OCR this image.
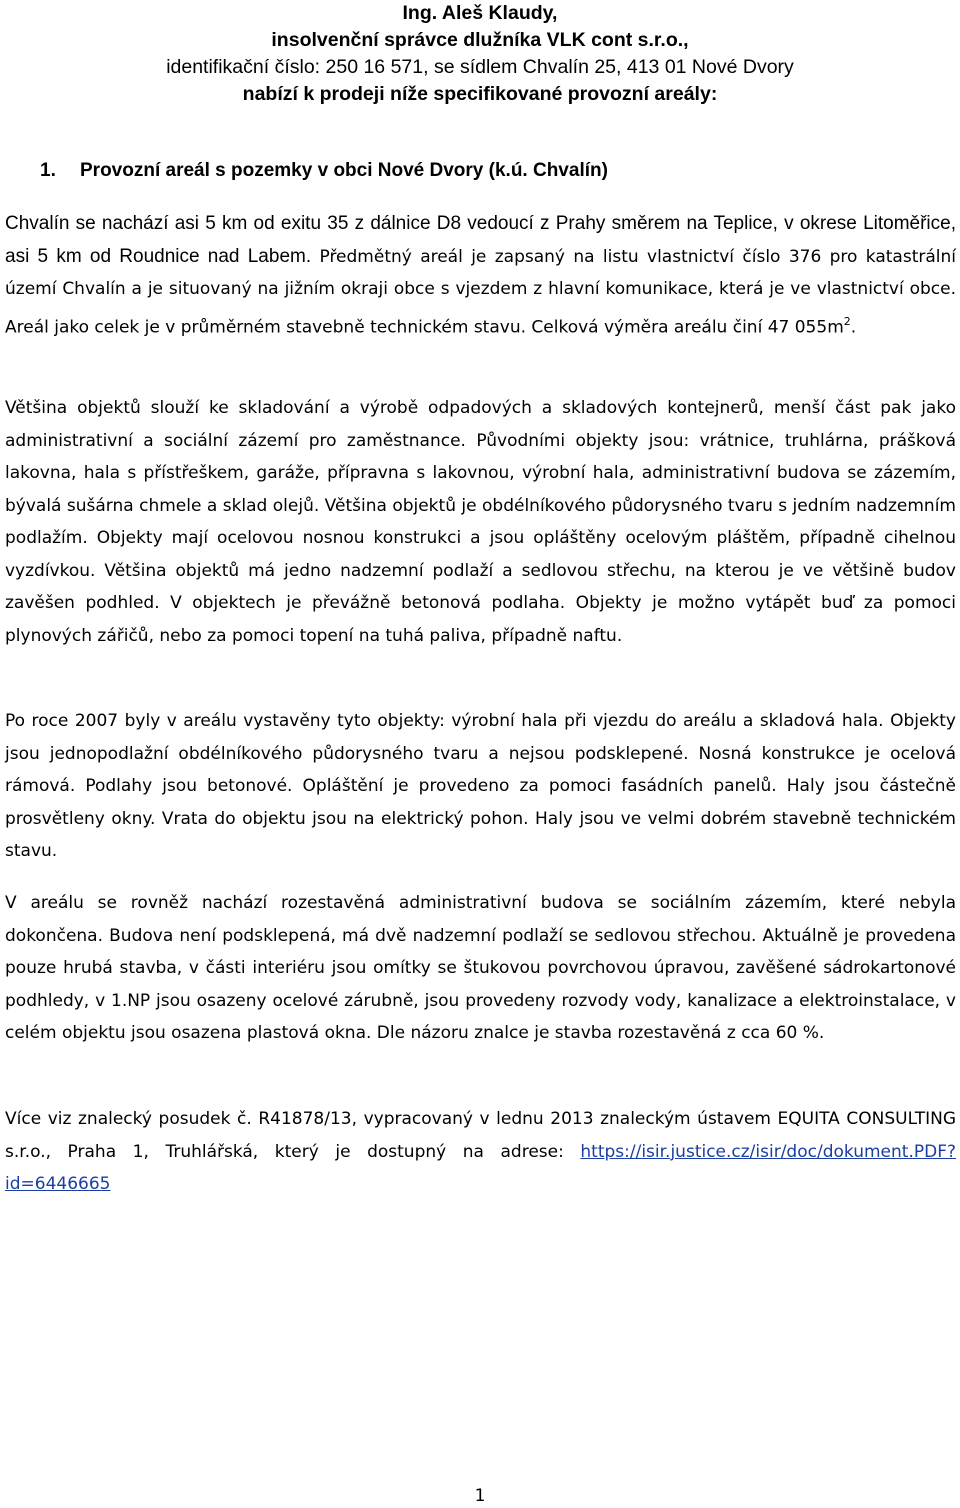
Ing. Aleš Klaudy,
insolvenční správce dlužníka VLK cont s.r.o.,
identifikační číslo: 250 16 571, se sídlem Chvalín 25, 413 01 Nové Dvory
nabízí k prodeji níže specifikované provozní areály:
1. Provozní areál s pozemky v obci Nové Dvory (k.ú. Chvalín)
Chvalín se nachází asi 5 km od exitu 35 z dálnice D8 vedoucí z Prahy směrem na Teplice, v okrese Litoměřice, asi 5 km od Roudnice nad Labem. Předmětný areál je zapsaný na listu vlastnictví číslo 376 pro katastrální území Chvalín a je situovaný na jižním okraji obce s vjezdem z hlavní komunikace, která je ve vlastnictví obce. Areál jako celek je v průměrném stavebně technickém stavu. Celková výměra areálu činí 47 $055m^2$.
Většina objektů slouží ke skladování a výrobě odpadových a skladových kontejnerů, menší část pak jako administrativní a sociální zázemí pro zaměstnance. Původními objekty jsou: vrátnice, truhlárna, prášková lakovna, hala s přístřeškem, garáže, přípravna s lakovnou, výrobní hala, administrativní budova se zázemím, bývalá sušárna chmele a sklad olejů. Většina objektů je obdélníkového půdorysného tvaru s jedním nadzemním podlažím. Objekty mají ocelovou nosnou konstrukci a jsou opláštěny ocelovým pláštěm, případně cihelnou vyzdívkou. Většina objektů má jedno nadzemní podlaží a sedlovou střechu, na kterou je ve většině budov zavěšen podhled. V objektech je převážně betonová podlaha. Objekty je možno vytápět buď za pomoci plynových zářičů, nebo za pomoci topení na tuhá paliva, případně naftu.
Po roce 2007 byly v areálu vystavěny tyto objekty: výrobní hala při vjezdu do areálu a skladová hala. Objekty jsou jednopodlažní obdélníkového půdorysného tvaru a nejsou podsklepené. Nosná konstrukce je ocelová rámová. Podlahy jsou betonové. Opláštění je provedeno za pomoci fasádních panelů. Haly jsou částečně prosvětleny okny. Vrata do objektu jsou na elektrický pohon. Haly jsou ve velmi dobrém stavebně technickém stavu.
V areálu se rovněž nachází rozestavěná administrativní budova se sociálním zázemím, které nebyla dokončena. Budova není podsklepená, má dvě nadzemní podlaží se sedlovou střechou. Aktuálně je provedena pouze hrubá stavba, v části interiéru jsou omítky se štukovou povrchovou úpravou, zavěšené sádrokartonové podhledy, v 1.NP jsou osazeny ocelové zárubně, jsou provedeny rozvody vody, kanalizace a elektroinstalace, v celém objektu jsou osazena plastová okna. Dle názoru znalce je stavba rozestavěná z cca 60 %.
Více viz znalecký posudek č. R41878/13, vypracovaný v lednu 2013 znaleckým ústavem EQUITA CONSULTING s.r.o., Praha 1, Truhlářská, který je dostupný na adrese: https://isir.justice.cz/isir/doc/dokument.PDF?id=6446665
1
